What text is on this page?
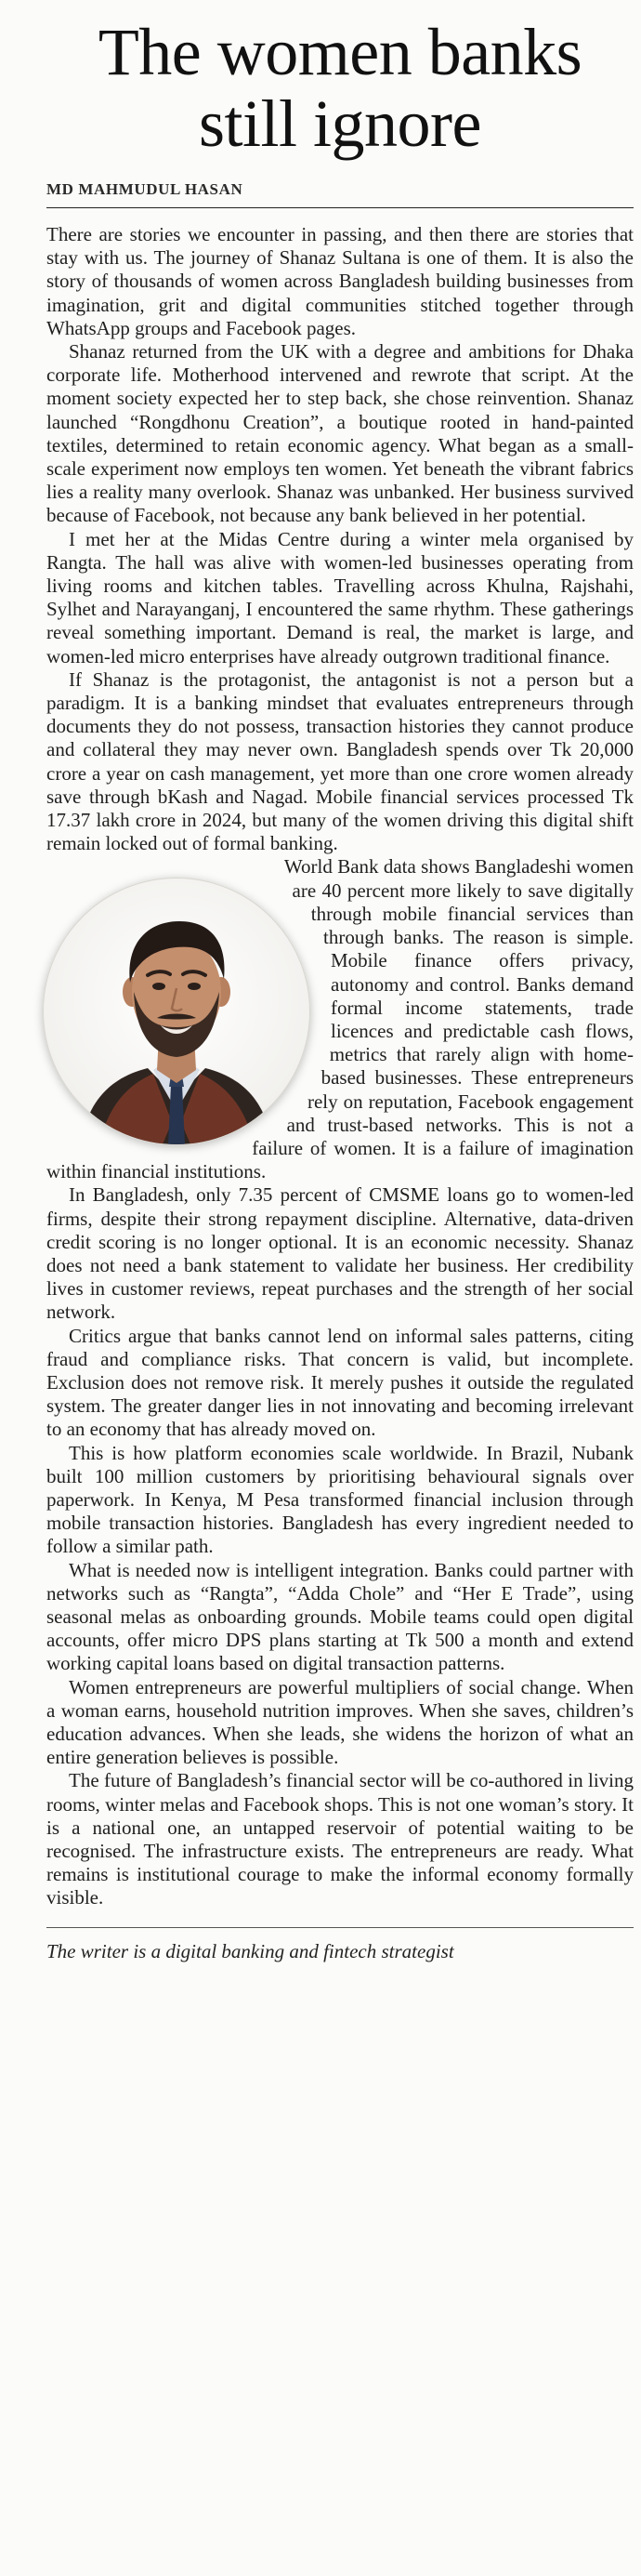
The women banks
still ignore
MD MAHMUDUL HASAN

There are stories we encounter in passing, and then there are stories that stay with us. The journey of Shanaz Sultana is one of them. It is also the story of thousands of women across Bangladesh building businesses from imagination, grit and digital communities stitched together through WhatsApp groups and Facebook pages.

Shanaz returned from the UK with a degree and ambitions for Dhaka corporate life. Motherhood intervened and rewrote that script. At the moment society expected her to step back, she chose reinvention. Shanaz launched “Rongdhonu Creation”, a boutique rooted in hand-painted textiles, determined to retain economic agency. What began as a small-scale experiment now employs ten women. Yet beneath the vibrant fabrics lies a reality many overlook. Shanaz was unbanked. Her business survived because of Facebook, not because any bank believed in her potential.

I met her at the Midas Centre during a winter mela organised by Rangta. The hall was alive with women-led businesses operating from living rooms and kitchen tables. Travelling across Khulna, Rajshahi, Sylhet and Narayanganj, I encountered the same rhythm. These gatherings reveal something important. Demand is real, the market is large, and women-led micro enterprises have already outgrown traditional finance.

If Shanaz is the protagonist, the antagonist is not a person but a paradigm. It is a banking mindset that evaluates entrepreneurs through documents they do not possess, transaction histories they cannot produce and collateral they may never own. Bangladesh spends over Tk 20,000 crore a year on cash management, yet more than one crore women already save through bKash and Nagad. Mobile financial services processed Tk 17.37 lakh crore in 2024, but many of the women driving this digital shift remain locked out of formal banking.

World Bank data shows Bangladeshi women are 40 percent more likely to save digitally through mobile financial services than through banks. The reason is simple. Mobile finance offers privacy, autonomy and control. Banks demand formal income statements, trade licences and predictable cash flows, metrics that rarely align with home-based businesses. These entrepreneurs rely on reputation, Facebook engagement and trust-based networks. This is not a failure of women. It is a failure of imagination within financial institutions.

In Bangladesh, only 7.35 percent of CMSME loans go to women-led firms, despite their strong repayment discipline. Alternative, data-driven credit scoring is no longer optional. It is an economic necessity. Shanaz does not need a bank statement to validate her business. Her credibility lives in customer reviews, repeat purchases and the strength of her social network.

Critics argue that banks cannot lend on informal sales patterns, citing fraud and compliance risks. That concern is valid, but incomplete. Exclusion does not remove risk. It merely pushes it outside the regulated system. The greater danger lies in not innovating and becoming irrelevant to an economy that has already moved on.

This is how platform economies scale worldwide. In Brazil, Nubank built 100 million customers by prioritising behavioural signals over paperwork. In Kenya, M Pesa transformed financial inclusion through mobile transaction histories. Bangladesh has every ingredient needed to follow a similar path.

What is needed now is intelligent integration. Banks could partner with networks such as “Rangta”, “Adda Chole” and “Her E Trade”, using seasonal melas as onboarding grounds. Mobile teams could open digital accounts, offer micro DPS plans starting at Tk 500 a month and extend working capital loans based on digital transaction patterns.

Women entrepreneurs are powerful multipliers of social change. When a woman earns, household nutrition improves. When she saves, children’s education advances. When she leads, she widens the horizon of what an entire generation believes is possible.

The future of Bangladesh’s financial sector will be co-authored in living rooms, winter melas and Facebook shops. This is not one woman’s story. It is a national one, an untapped reservoir of potential waiting to be recognised. The infrastructure exists. The entrepreneurs are ready. What remains is institutional courage to make the informal economy formally visible.

The writer is a digital banking and fintech strategist
